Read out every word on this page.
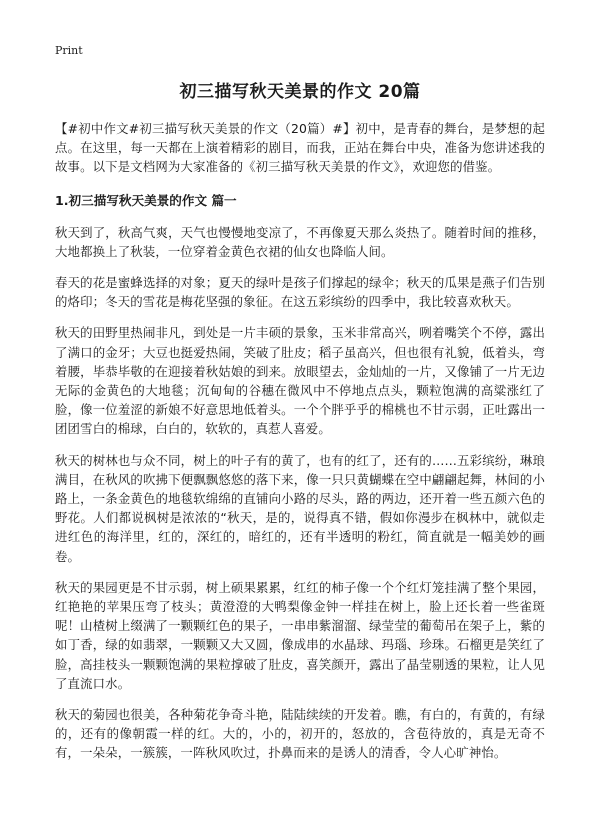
Print
初三描写秋天美景的作文 20篇

【#初中作文#初三描写秋天美景的作文（20篇）#】初中，是青春的舞台，是梦想的起点。在这里，每一天都在上演着精彩的剧目，而我，正站在舞台中央，准备为您讲述我的故事。以下是文档网为大家准备的《初三描写秋天美景的作文》，欢迎您的借鉴。

1.初三描写秋天美景的作文 篇一

秋天到了，秋高气爽，天气也慢慢地变凉了，不再像夏天那么炎热了。随着时间的推移，大地都换上了秋装，一位穿着金黄色衣裙的仙女也降临人间。

春天的花是蜜蜂选择的对象；夏天的绿叶是孩子们撑起的绿伞；秋天的瓜果是燕子们告别的烙印；冬天的雪花是梅花坚强的象征。在这五彩缤纷的四季中，我比较喜欢秋天。

秋天的田野里热闹非凡，到处是一片丰硕的景象，玉米非常高兴，咧着嘴笑个不停，露出了满口的金牙；大豆也挺爱热闹，笑破了肚皮；稻子虽高兴，但也很有礼貌，低着头，弯着腰，毕恭毕敬的在迎接着秋姑娘的到来。放眼望去，金灿灿的一片，又像铺了一片无边无际的金黄色的大地毯；沉甸甸的谷穗在微风中不停地点点头，颗粒饱满的高粱涨红了脸，像一位羞涩的新娘不好意思地低着头。一个个胖乎乎的棉桃也不甘示弱，正吐露出一团团雪白的棉球，白白的，软软的，真惹人喜爱。

秋天的树林也与众不同，树上的叶子有的黄了，也有的红了，还有的……五彩缤纷，琳琅满目，在秋风的吹拂下便飘飘悠悠的落下来，像一只只黄蝴蝶在空中翩翩起舞，林间的小路上，一条金黄色的地毯软绵绵的直铺向小路的尽头，路的两边，还开着一些五颜六色的野花。人们都说枫树是浓浓的“秋天，是的，说得真不错，假如你漫步在枫林中，就似走进红色的海洋里，红的，深红的，暗红的，还有半透明的粉红，简直就是一幅美妙的画卷。

秋天的果园更是不甘示弱，树上硕果累累，红红的柿子像一个个红灯笼挂满了整个果园，红艳艳的苹果压弯了枝头；黄澄澄的大鸭梨像金钟一样挂在树上，脸上还长着一些雀斑呢！山楂树上缀满了一颗颗红色的果子，一串串紫溜溜、绿莹莹的葡萄吊在架子上，紫的如丁香，绿的如翡翠，一颗颗又大又圆，像成串的水晶球、玛瑙、珍珠。石榴更是笑红了脸，高挂枝头一颗颗饱满的果粒撑破了肚皮，喜笑颜开，露出了晶莹剔透的果粒，让人见了直流口水。

秋天的菊园也很美，各种菊花争奇斗艳，陆陆续续的开发着。瞧，有白的，有黄的，有绿的，还有的像朝霞一样的红。大的，小的，初开的，怒放的，含苞待放的，真是无奇不有，一朵朵，一簇簇，一阵秋风吹过，扑鼻而来的是诱人的清香，令人心旷神怡。
